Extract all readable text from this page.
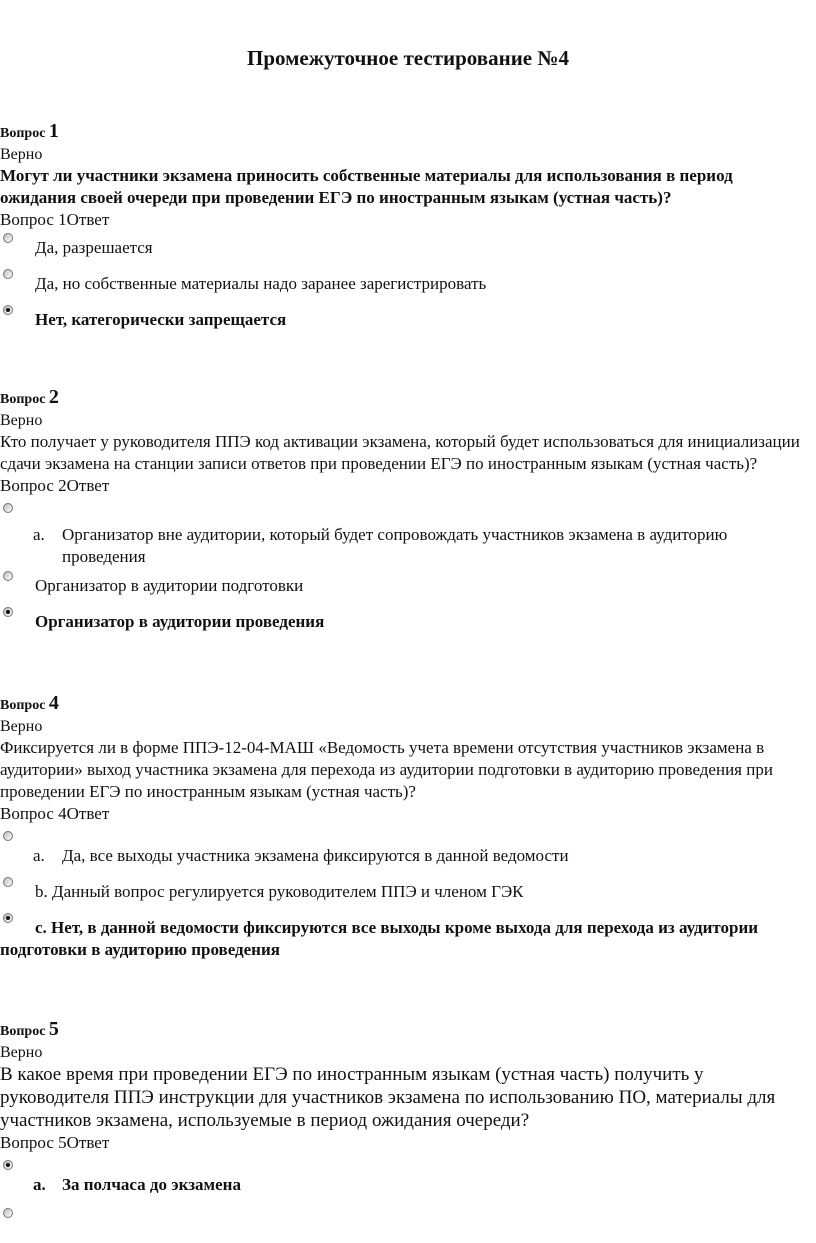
Промежуточное тестирование №4
Вопрос 1
Верно
Могут ли участники экзамена приносить собственные материалы для использования в период ожидания своей очереди при проведении ЕГЭ по иностранным языкам (устная часть)?
Вопрос 1Ответ
Да, разрешается
Да, но собственные материалы надо заранее зарегистрировать
Нет, категорически запрещается
Вопрос 2
Верно
Кто получает у руководителя ППЭ код активации экзамена, который будет использоваться для инициализации сдачи экзамена на станции записи ответов при проведении ЕГЭ по иностранным языкам (устная часть)?
Вопрос 2Ответ
a. Организатор вне аудитории, который будет сопровождать участников экзамена в аудиторию проведения
Организатор в аудитории подготовки
Организатор в аудитории проведения
Вопрос 4
Верно
Фиксируется ли в форме ППЭ-12-04-МАШ «Ведомость учета времени отсутствия участников экзамена в аудитории» выход участника экзамена для перехода из аудитории подготовки в аудиторию проведения при проведении ЕГЭ по иностранным языкам (устная часть)?
Вопрос 4Ответ
a. Да, все выходы участника экзамена фиксируются в данной ведомости
b. Данный вопрос регулируется руководителем ППЭ и членом ГЭК
c. Нет, в данной ведомости фиксируются все выходы кроме выхода для перехода из аудитории подготовки в аудиторию проведения
Вопрос 5
Верно
В какое время при проведении ЕГЭ по иностранным языкам (устная часть) получить у руководителя ППЭ инструкции для участников экзамена по использованию ПО, материалы для участников экзамена, используемые в период ожидания очереди?
Вопрос 5Ответ
a. За полчаса до экзамена
